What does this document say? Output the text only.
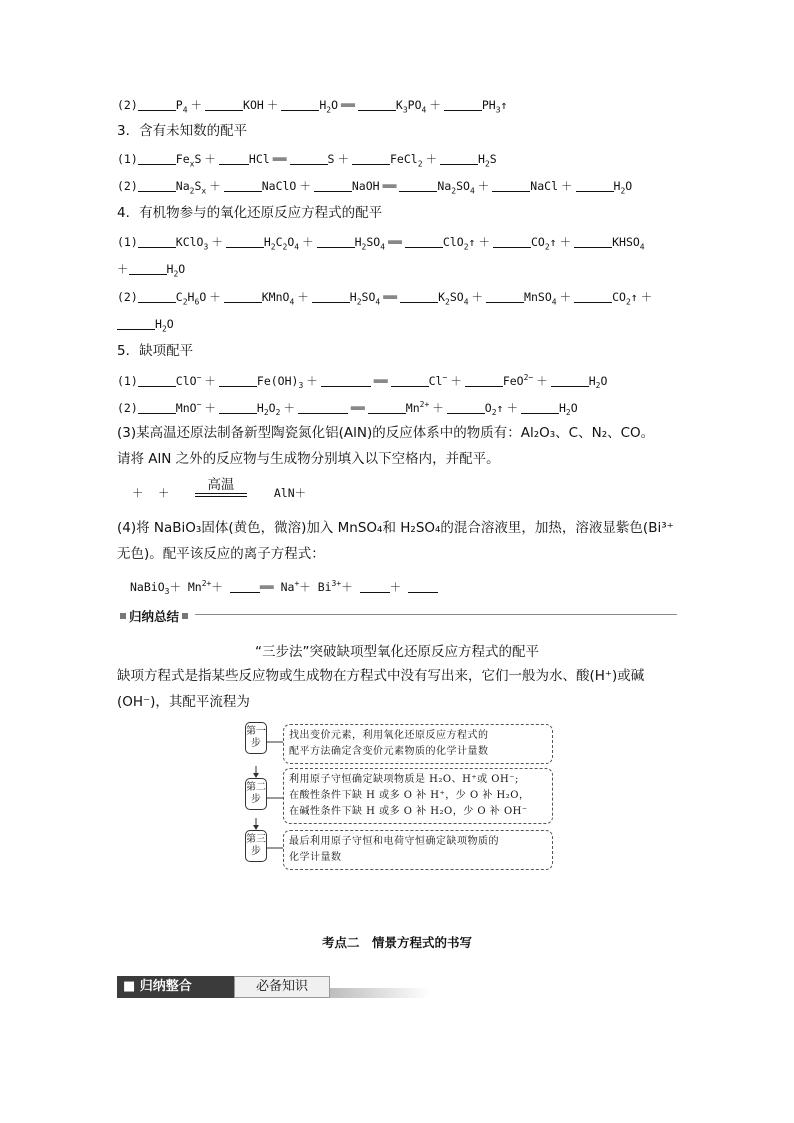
(2)	$P_4$ ＋	KOH ＋	$H_2O$ ══	$K_3PO_4$ ＋	$PH_3↑$
3．含有未知数的配平
(1)	$Fe_xS$ ＋	HCl ══	S ＋	FeCl$_2$ ＋	$H_2S$
(2)	$Na_2S_x$ ＋	NaClO ＋	NaOH ══	$Na_2SO_4$ ＋	NaCl ＋	$H_2O$
4．有机物参与的氧化还原反应方程式的配平
(1)	KClO$_3$ ＋	$H_2C_2O_4$ ＋	$H_2SO_4$ ══	ClO$_2$↑ ＋	$CO_2↑$ ＋	$KHSO_4$
＋	$H_2O$
(2)	$C_2H_6O$ ＋	KMnO$_4$ ＋	$H_2SO_4$ ══	$K_2SO_4$ ＋	MnSO$_4$ ＋	$CO_2↑$ ＋
$H_2O$
5．缺项配平
(1)	ClO− ＋	$Fe(OH)_3$ ＋	══	Cl− ＋	FeO$^{2-}$ ＋	$H_2O$
(2)	MnO− ＋	$H_2O_2$ ＋	══	$Mn^{2+}$ ＋	$O_2↑$ ＋	$H_2O$
(3)某高温还原法制备新型陶瓷氮化铝(AlN)的反应体系中的物质有：Al₂O₃、C、N₂、CO。
请将 AlN 之外的反应物与生成物分别填入以下空格内，并配平。
＋ ＋	高温	AlN＋
(4)将 NaBiO₃固体(黄色，微溶)加入 MnSO₄和 H₂SO₄的混合溶液里，加热，溶液显紫色(Bi³⁺
无色)。配平该反应的离子方程式：
NaBiO$_3$＋ $Mn^{2+}+$	══ $Na^++ Bi^{3+}+$	＋
归纳总结
“三步法”突破缺项型氧化还原反应方程式的配平
缺项方程式是指某些反应物或生成物在方程式中没有写出来，它们一般为水、酸(H⁺)或碱
(OH⁻)，其配平流程为
第一步
找出变价元素，利用氧化还原反应方程式的
配平方法确定含变价元素物质的化学计量数
第二步
利用原子守恒确定缺项物质是 H₂O、H⁺或 OH⁻;
在酸性条件下缺 H 或多 O 补 H⁺，少 O 补 H₂O，
在碱性条件下缺 H 或多 O 补 H₂O，少 O 补 OH⁻
第三步
最后利用原子守恒和电荷守恒确定缺项物质的
化学计量数
考点二　情景方程式的书写
■ 归纳整合	必备知识
